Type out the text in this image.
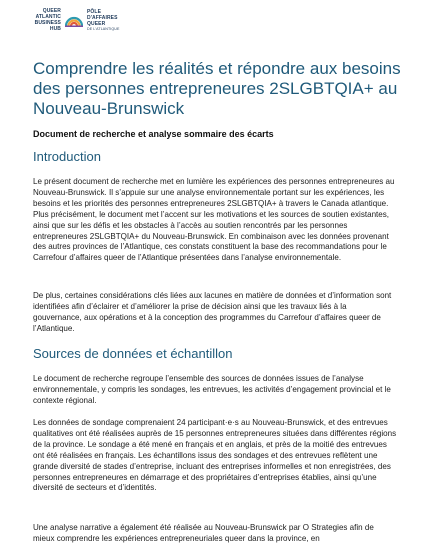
QUEER
ATLANTIC
BUSINESS
HUB
PÔLE
D'AFFAIRES
QUEER
DE L'ATLANTIQUE
Comprendre les réalités et répondre aux besoins des personnes entrepreneures 2SLGBTQIA+ au Nouveau-Brunswick
Document de recherche et analyse sommaire des écarts
Introduction
Le présent document de recherche met en lumière les expériences des personnes entrepreneures au Nouveau-Brunswick. Il s’appuie sur une analyse environnementale portant sur les expériences, les besoins et les priorités des personnes entrepreneures 2SLGBTQIA+ à travers le Canada atlantique. Plus précisément, le document met l’accent sur les motivations et les sources de soutien existantes, ainsi que sur les défis et les obstacles à l’accès au soutien rencontrés par les personnes entrepreneures 2SLGBTQIA+ du Nouveau-Brunswick. En combinaison avec les données provenant des autres provinces de l’Atlantique, ces constats constituent la base des recommandations pour le Carrefour d’affaires queer de l’Atlantique présentées dans l’analyse environnementale.
De plus, certaines considérations clés liées aux lacunes en matière de données et d’information sont identifiées afin d’éclairer et d’améliorer la prise de décision ainsi que les travaux liés à la gouvernance, aux opérations et à la conception des programmes du Carrefour d’affaires queer de l’Atlantique.
Sources de données et échantillon
Le document de recherche regroupe l’ensemble des sources de données issues de l’analyse environnementale, y compris les sondages, les entrevues, les activités d’engagement provincial et le contexte régional.
Les données de sondage comprenaient 24 participant·e·s au Nouveau-Brunswick, et des entrevues qualitatives ont été réalisées auprès de 15 personnes entrepreneures situées dans différentes régions de la province. Le sondage a été mené en français et en anglais, et près de la moitié des entrevues ont été réalisées en français. Les échantillons issus des sondages et des entrevues reflètent une grande diversité de stades d’entreprise, incluant des entreprises informelles et non enregistrées, des personnes entrepreneures en démarrage et des propriétaires d’entreprises établies, ainsi qu’une diversité de secteurs et d’identités.
Une analyse narrative a également été réalisée au Nouveau-Brunswick par O Strategies afin de mieux comprendre les expériences entrepreneuriales queer dans la province, en
